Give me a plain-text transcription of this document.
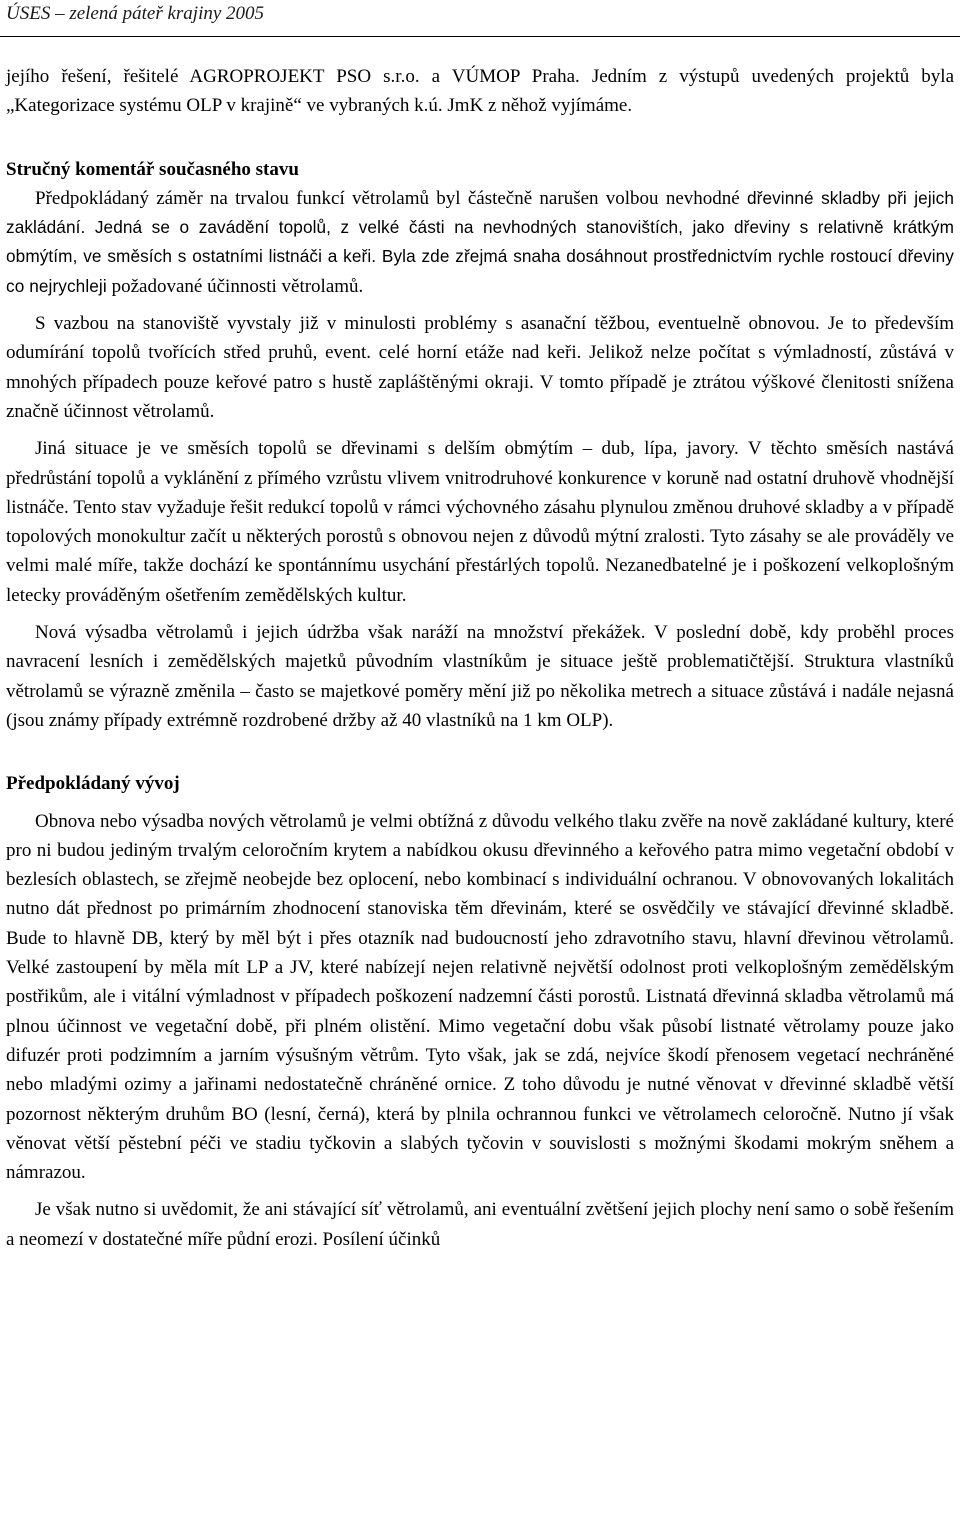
ÚSES – zelená páteř krajiny 2005

jejího řešení, řešitelé AGROPROJEKT PSO s.r.o. a VÚMOP Praha. Jedním z výstupů uvedených projektů byla „Kategorizace systému OLP v krajině“ ve vybraných k.ú. JmK z něhož vyjímáme.

Stručný komentář současného stavu

Předpokládaný záměr na trvalou funkcí větrolamů byl částečně narušen volbou nevhodné dřevinné skladby při jejich zakládání. Jedná se o zavádění topolů, z velké části na nevhodných stanovištích, jako dřeviny s relativně krátkým obmýtím, ve směsích s ostatními listnáči a keři. Byla zde zřejmá snaha dosáhnout prostřednictvím rychle rostoucí dřeviny co nejrychleji požadované účinnosti větrolamů.

S vazbou na stanoviště vyvstaly již v minulosti problémy s asanační těžbou, eventuelně obnovou. Je to především odumírání topolů tvořících střed pruhů, event. celé horní etáže nad keři. Jelikož nelze počítat s výmladností, zůstává v mnohých případech pouze keřové patro s hustě zapláštěnými okraji. V tomto případě je ztrátou výškové členitosti snížena značně účinnost větrolamů.

Jiná situace je ve směsích topolů se dřevinami s delším obmýtím – dub, lípa, javory. V těchto směsích nastává předrůstání topolů a vyklánění z přímého vzrůstu vlivem vnitrodruhové konkurence v koruně nad ostatní druhově vhodnější listnáče. Tento stav vyžaduje řešit redukcí topolů v rámci výchovného zásahu plynulou změnou druhové skladby a v případě topolových monokultur začít u některých porostů s obnovou nejen z důvodů mýtní zralosti. Tyto zásahy se ale prováděly ve velmi malé míře, takže dochází ke spontánnímu usychání přestárlých topolů. Nezanedbatelné je i poškození velkoplošným letecky prováděným ošetřením zemědělských kultur.

Nová výsadba větrolamů i jejich údržba však naráží na množství překážek. V poslední době, kdy proběhl proces navracení lesních i zemědělských majetků původním vlastníkům je situace ještě problematičtější. Struktura vlastníků větrolamů se výrazně změnila – často se majetkové poměry mění již po několika metrech a situace zůstává i nadále nejasná (jsou známy případy extrémně rozdrobené držby až 40 vlastníků na 1 km OLP).

Předpokládaný vývoj

Obnova nebo výsadba nových větrolamů je velmi obtížná z důvodu velkého tlaku zvěře na nově zakládané kultury, které pro ni budou jediným trvalým celoročním krytem a nabídkou okusu dřevinného a keřového patra mimo vegetační období v bezlesích oblastech, se zřejmě neobejde bez oplocení, nebo kombinací s individuální ochranou. V obnovovaných lokalitách nutno dát přednost po primárním zhodnocení stanoviska těm dřevinám, které se osvědčily ve stávající dřevinné skladbě. Bude to hlavně DB, který by měl být i přes otazník nad budoucností jeho zdravotního stavu, hlavní dřevinou větrolamů. Velké zastoupení by měla mít LP a JV, které nabízejí nejen relativně největší odolnost proti velkoplošným zemědělským postřikům, ale i vitální výmladnost v případech poškození nadzemní části porostů. Listnatá dřevinná skladba větrolamů má plnou účinnost ve vegetační době, při plném olistění. Mimo vegetační dobu však působí listnaté větrolamy pouze jako difuzér proti podzimním a jarním výsušným větrům. Tyto však, jak se zdá, nejvíce škodí přenosem vegetací nechráněné nebo mladými ozimy a jařinami nedostatečně chráněné ornice. Z toho důvodu je nutné věnovat v dřevinné skladbě větší pozornost některým druhům BO (lesní, černá), která by plnila ochrannou funkci ve větrolamech celoročně. Nutno jí však věnovat větší pěstební péči ve stadiu tyčkovin a slabých tyčovin v souvislosti s možnými škodami mokrým sněhem a námrazou.

Je však nutno si uvědomit, že ani stávající síť větrolamů, ani eventuální zvětšení jejich plochy není samo o sobě řešením a neomezí v dostatečné míře půdní erozi. Posílení účinků
